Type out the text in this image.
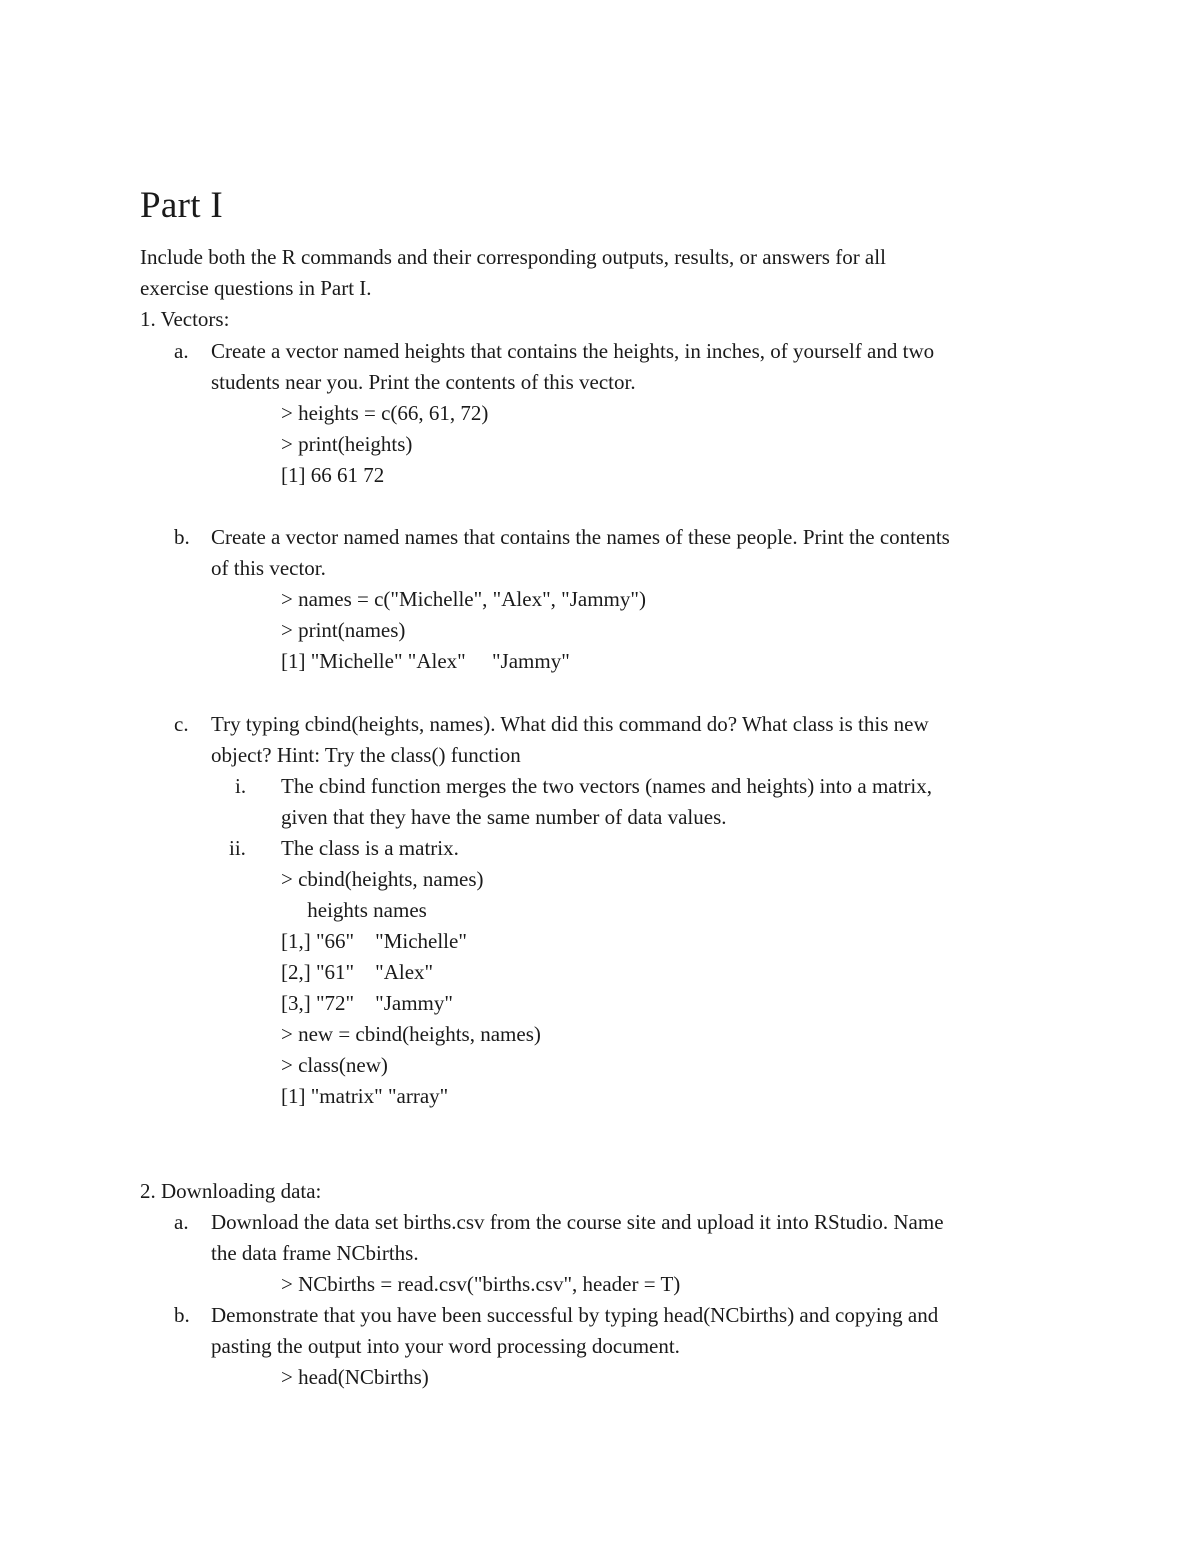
Part I
Include both the R commands and their corresponding outputs, results, or answers for all
exercise questions in Part I.
1. Vectors:
a. Create a vector named heights that contains the heights, in inches, of yourself and two
students near you. Print the contents of this vector.
> heights = c(66, 61, 72)
> print(heights)
[1] 66 61 72
b. Create a vector named names that contains the names of these people. Print the contents
of this vector.
> names = c("Michelle", "Alex", "Jammy")
> print(names)
[1] "Michelle" "Alex"     "Jammy"
c. Try typing cbind(heights, names). What did this command do? What class is this new
object? Hint: Try the class() function
i. The cbind function merges the two vectors (names and heights) into a matrix,
given that they have the same number of data values.
ii. The class is a matrix.
> cbind(heights, names)
heights names
[1,] "66"    "Michelle"
[2,] "61"    "Alex"
[3,] "72"    "Jammy"
> new = cbind(heights, names)
> class(new)
[1] "matrix" "array"
2. Downloading data:
a. Download the data set births.csv from the course site and upload it into RStudio. Name
the data frame NCbirths.
> NCbirths = read.csv("births.csv", header = T)
b. Demonstrate that you have been successful by typing head(NCbirths) and copying and
pasting the output into your word processing document.
> head(NCbirths)
